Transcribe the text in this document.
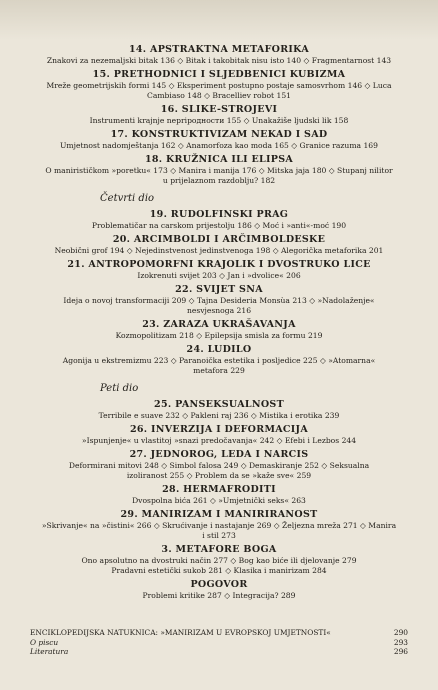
14. APSTRAKTNA METAFORIKA
Znakovi za nezemaljski bitak 136 ◇ Bitak i takobitak nisu isto 140 ◇ Fragmentarnost 143
15. PRETHODNICI I SLJEDBENICI KUBIZMA
Mreže geometrijskih formi 145 ◇ Eksperiment postupno postaje samosvrhom 146 ◇ Luca
Cambiaso 148 ◇ Bracelliev robot 151
16. SLIKE-STROJEVI
Instrumenti krajnje nepriродности 155 ◇ Unakažiše ljudski lik 158
17. KONSTRUKTIVIZAM NEKAD I SAD
Umjetnost nadomještanja 162 ◇ Anamorfoza kao moda 165 ◇ Granice razuma 169
18. KRUŽNICA ILI ELIPSA
O manirističkom »poretku« 173 ◇ Manira i manija 176 ◇ Mitska jaja 180 ◇ Stupanj nilitor
u prijelaznom razdoblju? 182
Četvrti dio
19. RUDOLFINSKI PRAG
Problematičar na carskom prijestolju 186 ◇ Moć i »anti«-moć 190
20. ARCIMBOLDI I ARČIMBOLDESKE
Neobični grof 194 ◇ Nejedinstvenost jedinstvenoga 198 ◇ Alegorička metaforika 201
21. ANTROPOMORFNI KRAJOLIK I DVOSTRUKO LICE
Izokrenuti svijet 203 ◇ Jan i »dvolice« 206
22. SVIJET SNA
Ideja o novoj transformaciji 209 ◇ Tajna Desideria Monsùa 213 ◇ »Nadolaženje«
nesvjesnoga 216
23. ZARAZA UKRAŠAVANJA
Kozmopolitizam 218 ◇ Epilepsija smisla za formu 219
24. LUDILO
Agonija u ekstremizmu 223 ◇ Paranoička estetika i posljedice 225 ◇ »Atomarna«
metafora 229
Peti dio
25. PANSEKSUALNOST
Terribile e suave 232 ◇ Pakleni raj 236 ◇ Mistika i erotika 239
26. INVERZIJA I DEFORMACIJA
»Ispunjenje« u vlastitoj »snazi predočavanja« 242 ◇ Efebi i Lezbos 244
27. JEDNOROG, LEDA I NARCIS
Deformirani mitovi 248 ◇ Simbol falosa 249 ◇ Demaskiranje 252 ◇ Seksualna
izoliranost 255 ◇ Problem da se »kaže sve« 259
28. HERMAFRODITI
Dvospolna bića 261 ◇ »Umjetnički seks« 263
29. MANIRIZAM I MANIRIRANOST
»Skrivanje« na »čistini« 266 ◇ Skrućivanje i nastajanje 269 ◇ Željezna mreža 271 ◇ Manira
i stil 273
3. METAFORE BOGA
Ono apsolutno na dvostruki način 277 ◇ Bog kao biće ili djelovanje 279
Pradavni estetički sukob 281 ◇ Klasika i manirizam 284
POGOVOR
Problemi kritike 287 ◇ Integracija? 289
ENCIKLOPEDIJSKA NATUKNICA: »MANIRIZAM U EVROPSKOJ UMJETNOSTI«	290
O piscu	293
Literatura	296
